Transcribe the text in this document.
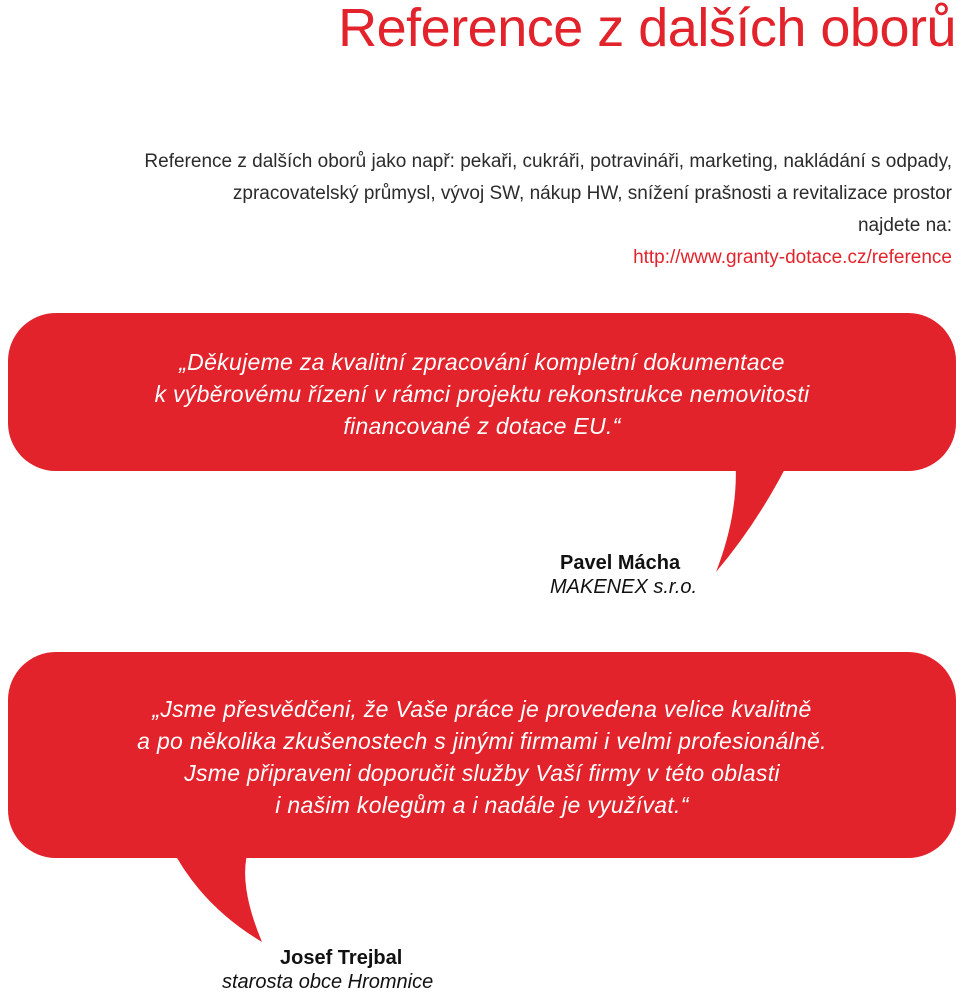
Reference z dalších oborů

Reference z dalších oborů jako např: pekaři, cukráři, potravináři, marketing, nakládání s odpady,

zpracovatelský průmysl, vývoj SW, nákup HW, snížení prašnosti a revitalizace prostor

najdete na:

http://www.granty-dotace.cz/reference

„Děkujeme za kvalitní zpracování kompletní dokumentace
k výběrovému řízení v rámci projektu rekonstrukce nemovitosti
financované z dotace EU.“

Pavel Mácha
MAKENEX s.r.o.

„Jsme přesvědčeni, že Vaše práce je provedena velice kvalitně
a po několika zkušenostech s jinými firmami i velmi profesionálně.
Jsme připraveni doporučit služby Vaší firmy v této oblasti
i našim kolegům a i nadále je využívat.“

Josef Trejbal
starosta obce Hromnice
